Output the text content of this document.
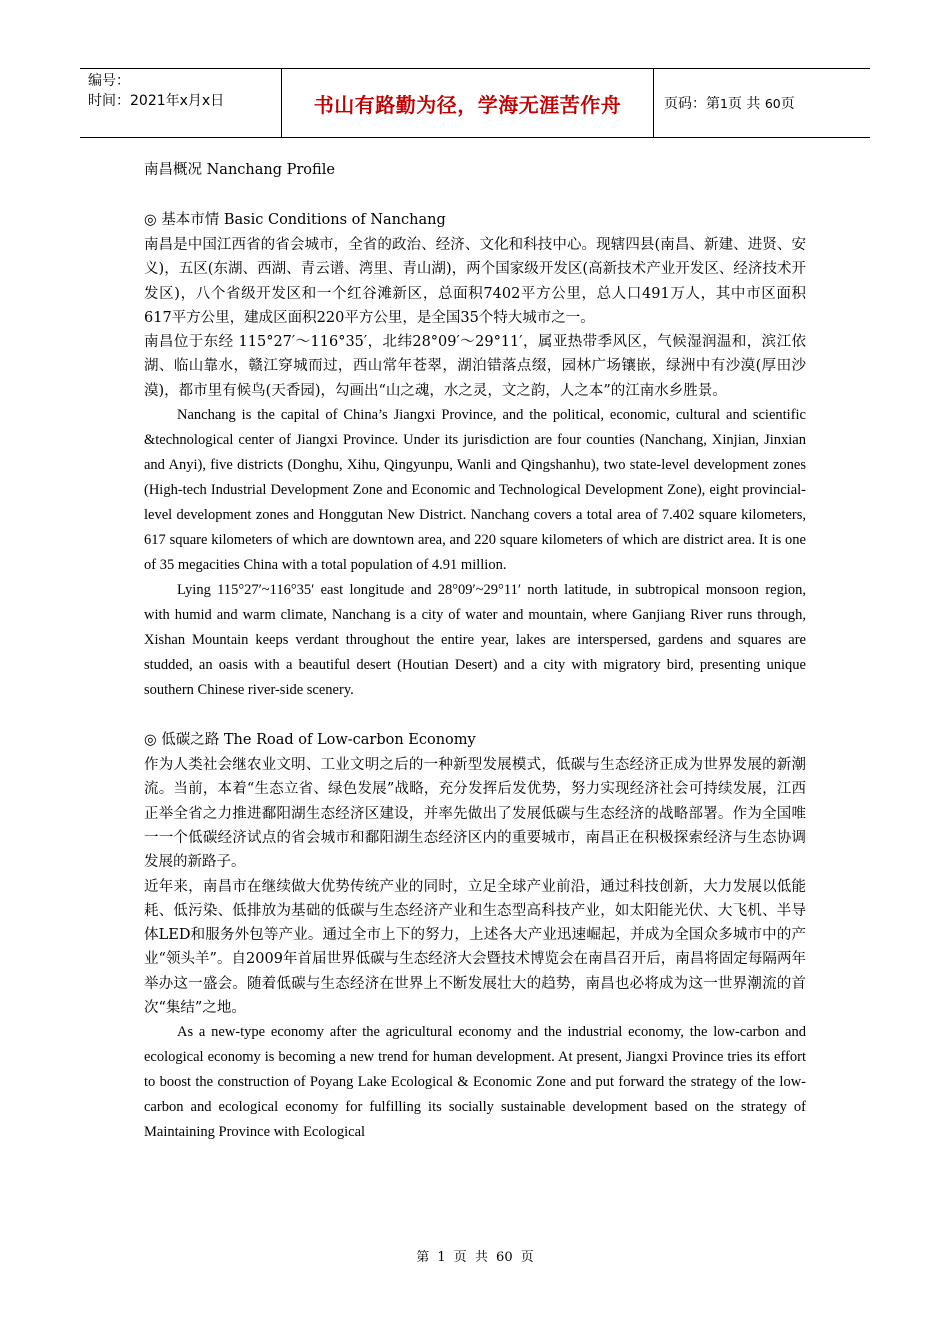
编号：
时间：2021年x月x日	书山有路勤为径，学海无涯苦作舟	页码：第 1 页 共
60 页
南昌概况 Nanchang Profile
◎ 基本市情 Basic Conditions of Nanchang
南昌是中国江西省的省会城市，全省的政治、经济、文化和科技中心。现辖四县(南昌、新建、进贤、安义)，五区(东湖、西湖、青云谱、湾里、青山湖)，两个国家级开发区(高新技术产业开发区、经济技术开发区)，八个省级开发区和一个红谷滩新区，总面积7402平方公里，总人口491万人，其中市区面积617平方公里，建成区面积220平方公里，是全国35个特大城市之一。
南昌位于东经 115°27′～116°35′，北纬28°09′～29°11′，属亚热带季风区，气候湿润温和，滨江依湖、临山靠水，赣江穿城而过，西山常年苍翠，湖泊错落点缀，园林广场镶嵌，绿洲中有沙漠(厚田沙漠)，都市里有候鸟(天香园)，勾画出“山之魂，水之灵，文之韵，人之本”的江南水乡胜景。
Nanchang is the capital of China’s Jiangxi Province, and the political, economic, cultural and scientific &technological center of Jiangxi Province. Under its jurisdiction are four counties (Nanchang, Xinjian, Jinxian and Anyi), five districts (Donghu, Xihu, Qingyunpu, Wanli and Qingshanhu), two state-level development zones (High-tech Industrial Development Zone and Economic and Technological Development Zone), eight provincial-level development zones and Honggutan New District. Nanchang covers a total area of 7.402 square kilometers, 617 square kilometers of which are downtown area, and 220 square kilometers of which are district area. It is one of 35 megacities China with a total population of 4.91 million.
Lying 115°27′~116°35′ east longitude and 28°09′~29°11′ north latitude, in subtropical monsoon region, with humid and warm climate, Nanchang is a city of water and mountain, where Ganjiang River runs through, Xishan Mountain keeps verdant throughout the entire year, lakes are interspersed, gardens and squares are studded, an oasis with a beautiful desert (Houtian Desert) and a city with migratory bird, presenting unique southern Chinese river-side scenery.
◎ 低碳之路 The Road of Low-carbon Economy
作为人类社会继农业文明、工业文明之后的一种新型发展模式，低碳与生态经济正成为世界发展的新潮流。当前，本着“生态立省、绿色发展”战略，充分发挥后发优势，努力实现经济社会可持续发展，江西正举全省之力推进鄱阳湖生态经济区建设，并率先做出了发展低碳与生态经济的战略部署。作为全国唯一一个低碳经济试点的省会城市和鄱阳湖生态经济区内的重要城市，南昌正在积极探索经济与生态协调发展的新路子。
近年来，南昌市在继续做大优势传统产业的同时，立足全球产业前沿，通过科技创新，大力发展以低能耗、低污染、低排放为基础的低碳与生态经济产业和生态型高科技产业，如太阳能光伏、大飞机、半导体LED和服务外包等产业。通过全市上下的努力，上述各大产业迅速崛起，并成为全国众多城市中的产业“领头羊”。自2009年首届世界低碳与生态经济大会暨技术博览会在南昌召开后，南昌将固定每隔两年举办这一盛会。随着低碳与生态经济在世界上不断发展壮大的趋势，南昌也必将成为这一世界潮流的首次“集结”之地。
As a new-type economy after the agricultural economy and the industrial economy, the low-carbon and ecological economy is becoming a new trend for human development. At present, Jiangxi Province tries its effort to boost the construction of Poyang Lake Ecological & Economic Zone and put forward the strategy of the low-carbon and ecological economy for fulfilling its socially sustainable development based on the strategy of Maintaining Province with Ecological
第 1 页 共 60 页
